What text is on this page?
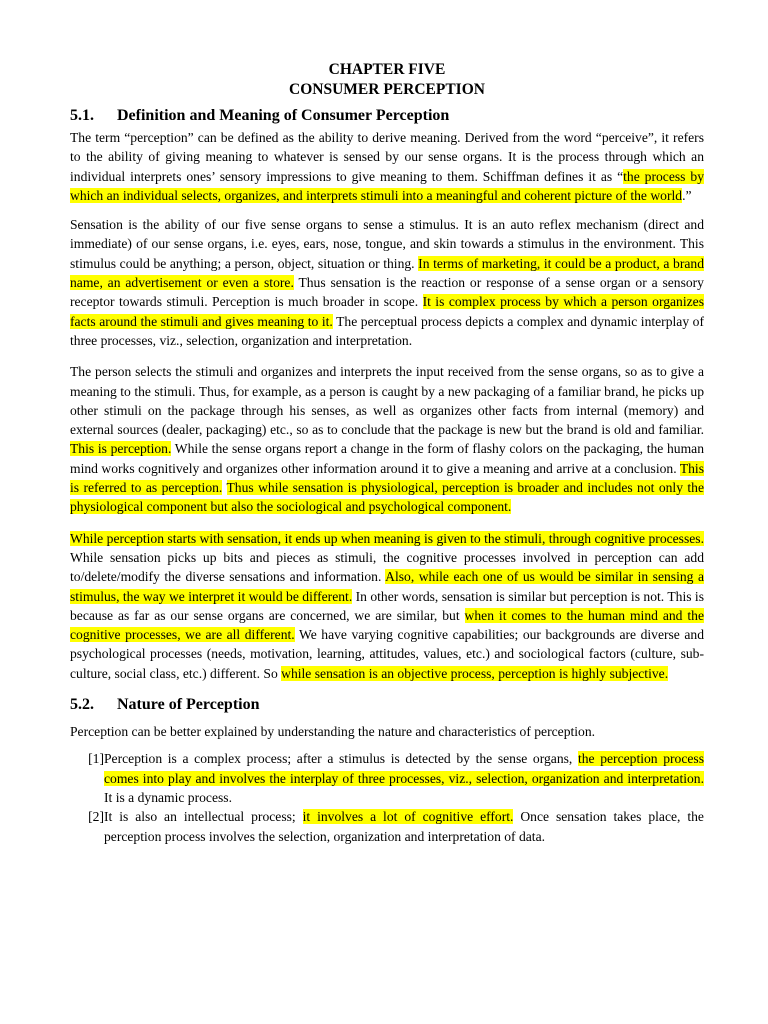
CHAPTER FIVE
CONSUMER PERCEPTION
5.1. Definition and Meaning of Consumer Perception

The term “perception” can be defined as the ability to derive meaning. Derived from the word “perceive”, it refers to the ability of giving meaning to whatever is sensed by our sense organs. It is the process through which an individual interprets ones’ sensory impressions to give meaning to them. Schiffman defines it as “the process by which an individual selects, organizes, and interprets stimuli into a meaningful and coherent picture of the world.”

Sensation is the ability of our five sense organs to sense a stimulus. It is an auto reflex mechanism (direct and immediate) of our sense organs, i.e. eyes, ears, nose, tongue, and skin towards a stimulus in the environment. This stimulus could be anything; a person, object, situation or thing. In terms of marketing, it could be a product, a brand name, an advertisement or even a store. Thus sensation is the reaction or response of a sense organ or a sensory receptor towards stimuli. Perception is much broader in scope. It is complex process by which a person organizes facts around the stimuli and gives meaning to it. The perceptual process depicts a complex and dynamic interplay of three processes, viz., selection, organization and interpretation.

The person selects the stimuli and organizes and interprets the input received from the sense organs, so as to give a meaning to the stimuli. Thus, for example, as a person is caught by a new packaging of a familiar brand, he picks up other stimuli on the package through his senses, as well as organizes other facts from internal (memory) and external sources (dealer, packaging) etc., so as to conclude that the package is new but the brand is old and familiar. This is perception. While the sense organs report a change in the form of flashy colors on the packaging, the human mind works cognitively and organizes other information around it to give a meaning and arrive at a conclusion. This is referred to as perception. Thus while sensation is physiological, perception is broader and includes not only the physiological component but also the sociological and psychological component.

While perception starts with sensation, it ends up when meaning is given to the stimuli, through cognitive processes. While sensation picks up bits and pieces as stimuli, the cognitive processes involved in perception can add to/delete/modify the diverse sensations and information. Also, while each one of us would be similar in sensing a stimulus, the way we interpret it would be different. In other words, sensation is similar but perception is not. This is because as far as our sense organs are concerned, we are similar, but when it comes to the human mind and the cognitive processes, we are all different. We have varying cognitive capabilities; our backgrounds are diverse and psychological processes (needs, motivation, learning, attitudes, values, etc.) and sociological factors (culture, sub-culture, social class, etc.) different. So while sensation is an objective process, perception is highly subjective.

5.2. Nature of Perception

Perception can be better explained by understanding the nature and characteristics of perception.

[1] Perception is a complex process; after a stimulus is detected by the sense organs, the perception process comes into play and involves the interplay of three processes, viz., selection, organization and interpretation. It is a dynamic process.
[2] It is also an intellectual process; it involves a lot of cognitive effort. Once sensation takes place, the perception process involves the selection, organization and interpretation of data.
